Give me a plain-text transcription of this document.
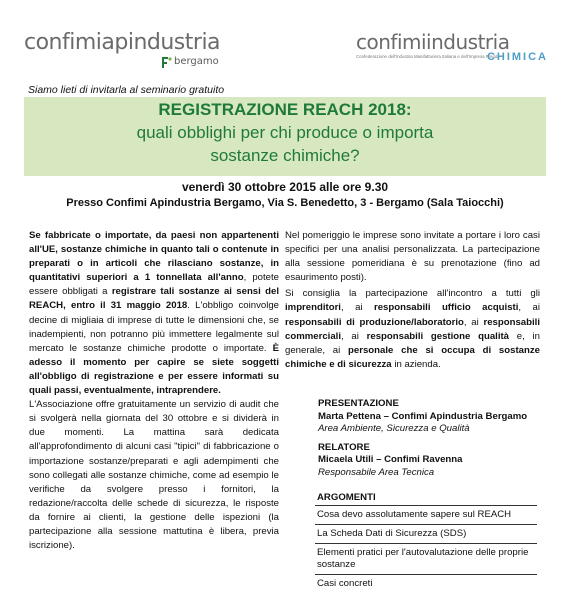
confimiapindustria
bergamo
confimiindustria
Confederazione dell'Industria Manifatturiera Italiana e dell'Impresa Privata
CHIMICA
Siamo lieti di invitarla al seminario gratuito
REGISTRAZIONE REACH 2018:
quali obblighi per chi produce o importa
sostanze chimiche?
venerdì 30 ottobre 2015 alle ore 9.30
Presso Confimi Apindustria Bergamo, Via S. Benedetto, 3 - Bergamo (Sala Taiocchi)

Se fabbricate o importate, da paesi non appartenenti all'UE, sostanze chimiche in quanto tali o contenute in preparati o in articoli che rilasciano sostanze, in quantitativi superiori a 1 tonnellata all'anno, potete essere obbligati a registrare tali sostanze ai sensi del REACH, entro il 31 maggio 2018. L'obbligo coinvolge decine di migliaia di imprese di tutte le dimensioni che, se inadempienti, non potranno più immettere legalmente sul mercato le sostanze chimiche prodotte o importate. È adesso il momento per capire se siete soggetti all'obbligo di registrazione e per essere informati su quali passi, eventualmente, intraprendere.

L'Associazione offre gratuitamente un servizio di audit che si svolgerà nella giornata del 30 ottobre e si dividerà in due momenti. La mattina sarà dedicata all'approfondimento di alcuni casi "tipici" di fabbricazione o importazione sostanze/preparati e agli adempimenti che sono collegati alle sostanze chimiche, come ad esempio le verifiche da svolgere presso i fornitori, la redazione/raccolta delle schede di sicurezza, le risposte da fornire ai clienti, la gestione delle ispezioni (la partecipazione alla sessione mattutina è libera, previa iscrizione).

Nel pomeriggio le imprese sono invitate a portare i loro casi specifici per una analisi personalizzata. La partecipazione alla sessione pomeridiana è su prenotazione (fino ad esaurimento posti).

Si consiglia la partecipazione all'incontro a tutti gli imprenditori, ai responsabili ufficio acquisti, ai responsabili di produzione/laboratorio, ai responsabili commerciali, ai responsabili gestione qualità e, in generale, ai personale che si occupa di sostanze chimiche e di sicurezza in azienda.

PRESENTAZIONE
Marta Pettena – Confimi Apindustria Bergamo
Area Ambiente, Sicurezza e Qualità
RELATORE
Micaela Utili – Confimi Ravenna
Responsabile Area Tecnica
ARGOMENTI
Cosa devo assolutamente sapere sul REACH
La Scheda Dati di Sicurezza (SDS)
Elementi pratici per l'autovalutazione delle proprie sostanze
Casi concreti
